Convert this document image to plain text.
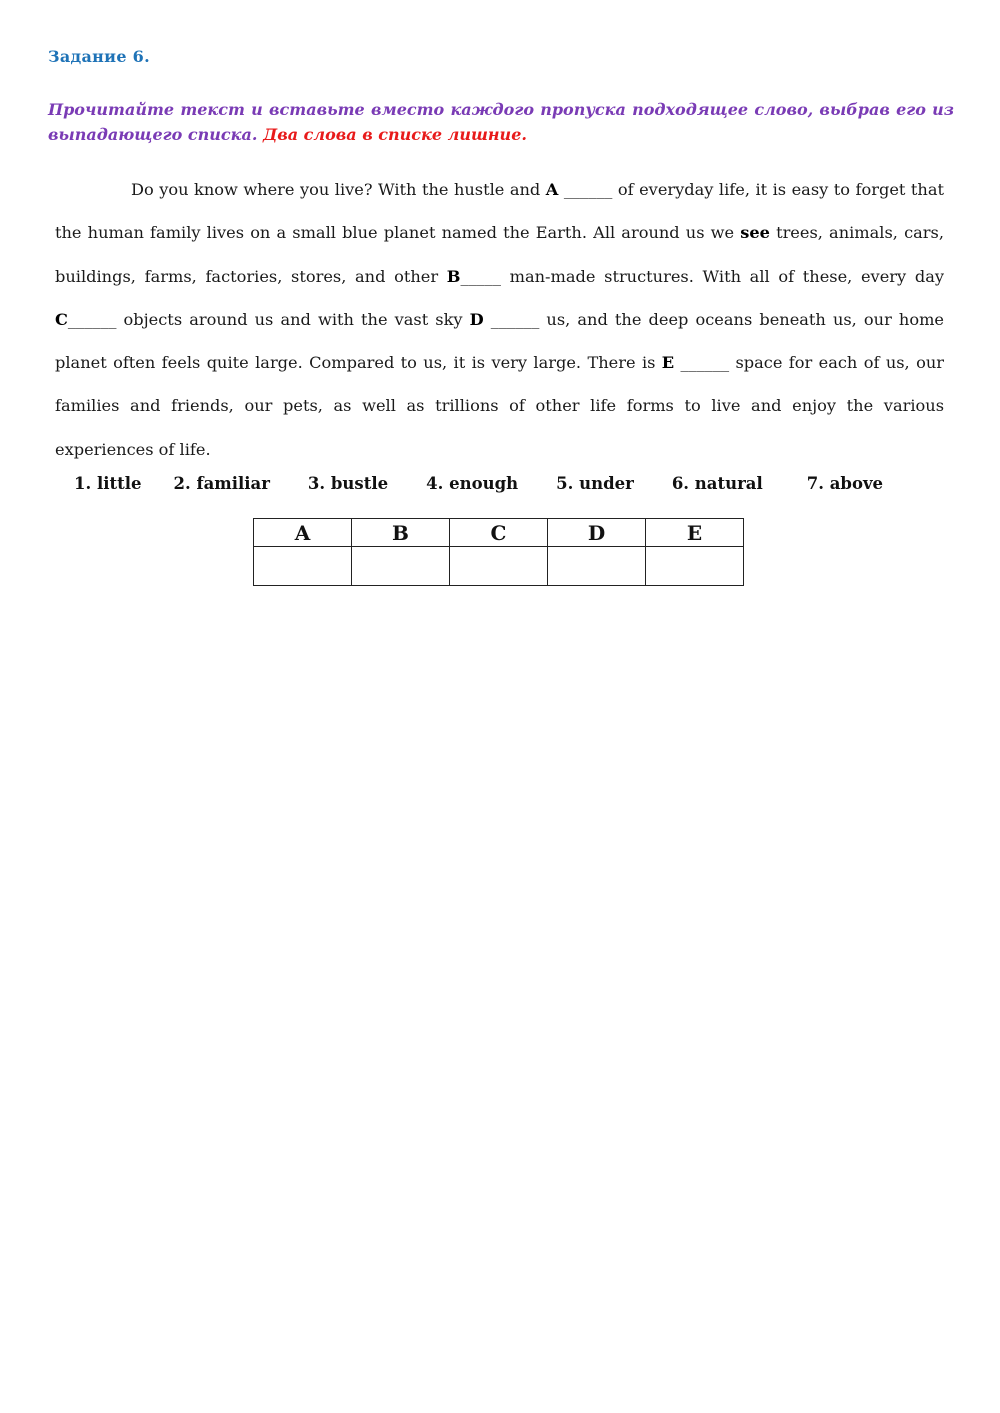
Задание 6.
Прочитайте текст и вставьте вместо каждого пропуска подходящее слово, выбрав его из выпадающего списка. Два слова в списке лишние.
Do you know where you live? With the hustle and A ______ of everyday life, it is easy to forget that the human family lives on a small blue planet named the Earth. All around us we see trees, animals, cars, buildings, farms, factories, stores, and other B_____ man-made structures. With all of these, every day C______ objects around us and with the vast sky D ______ us, and the deep oceans beneath us, our home planet often feels quite large. Compared to us, it is very large. There is E ______ space for each of us, our families and friends, our pets, as well as trillions of other life forms to live and enjoy the various experiences of life.
1. little 2. familiar 3. bustle 4. enough 5. under 6. natural	7. above
A	B	C	D	E
